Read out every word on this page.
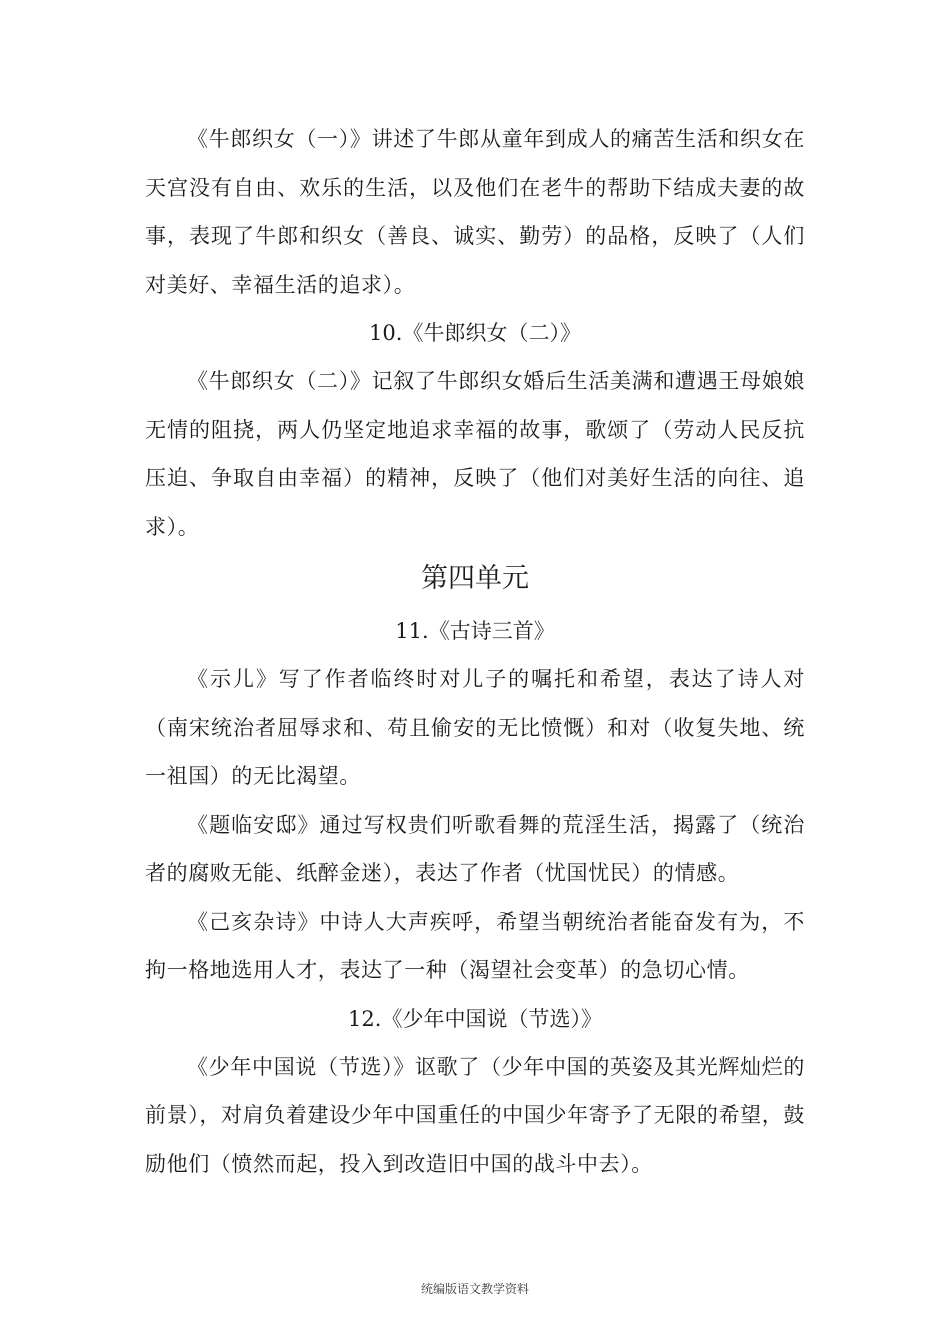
《牛郎织女（一）》讲述了牛郎从童年到成人的痛苦生活和织女在天宫没有自由、欢乐的生活，以及他们在老牛的帮助下结成夫妻的故事，表现了牛郎和织女（善良、诚实、勤劳）的品格，反映了（人们对美好、幸福生活的追求）。

10.《牛郎织女（二）》

《牛郎织女（二）》记叙了牛郎织女婚后生活美满和遭遇王母娘娘无情的阻挠，两人仍坚定地追求幸福的故事，歌颂了（劳动人民反抗压迫、争取自由幸福）的精神，反映了（他们对美好生活的向往、追求）。

第四单元

11.《古诗三首》

《示儿》写了作者临终时对儿子的嘱托和希望，表达了诗人对（南宋统治者屈辱求和、苟且偷安的无比愤慨）和对（收复失地、统一祖国）的无比渴望。

《题临安邸》通过写权贵们听歌看舞的荒淫生活，揭露了（统治者的腐败无能、纸醉金迷），表达了作者（忧国忧民）的情感。

《己亥杂诗》中诗人大声疾呼，希望当朝统治者能奋发有为，不拘一格地选用人才，表达了一种（渴望社会变革）的急切心情。

12.《少年中国说（节选）》

《少年中国说（节选）》讴歌了（少年中国的英姿及其光辉灿烂的前景），对肩负着建设少年中国重任的中国少年寄予了无限的希望，鼓励他们（愤然而起，投入到改造旧中国的战斗中去）。

统编版语文教学资料
